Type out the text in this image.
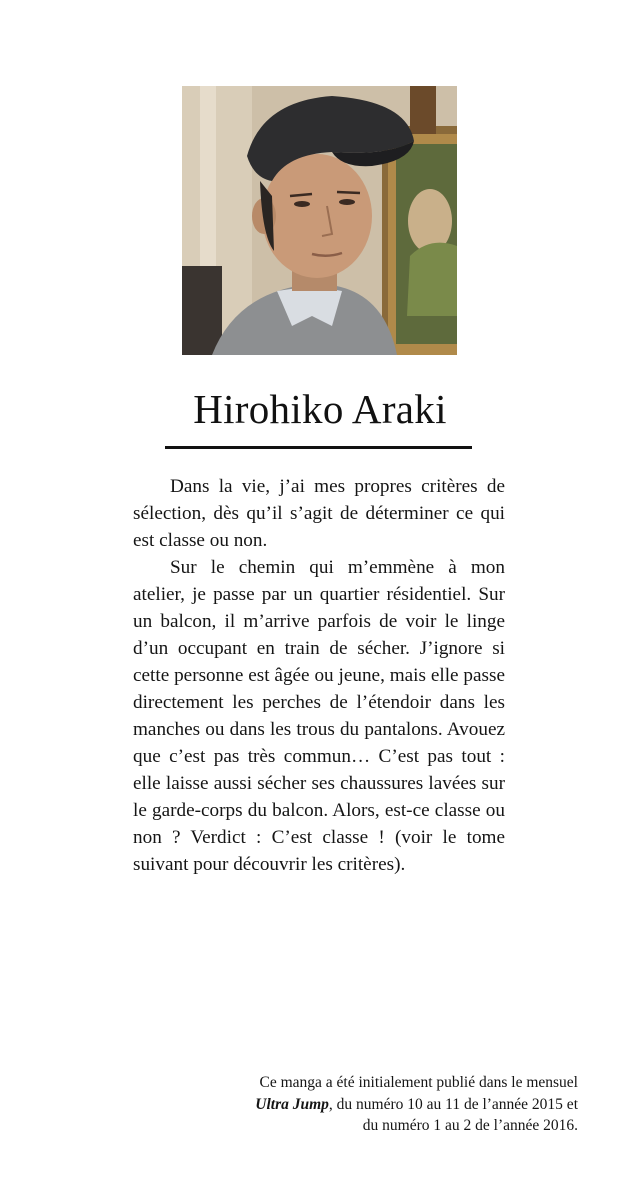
Hirohiko Araki

Dans la vie, j’ai mes propres critères de sélection, dès qu’il s’agit de déterminer ce qui est classe ou non.

Sur le chemin qui m’emmène à mon atelier, je passe par un quartier résidentiel. Sur un balcon, il m’arrive parfois de voir le linge d’un occupant en train de sécher. J’ignore si cette personne est âgée ou jeune, mais elle passe directement les perches de l’étendoir dans les manches ou dans les trous du pantalons. Avouez que c’est pas très commun… C’est pas tout : elle laisse aussi sécher ses chaussures lavées sur le garde-corps du balcon. Alors, est-ce classe ou non ? Verdict : C’est classe ! (voir le tome suivant pour découvrir les critères).

Ce manga a été initialement publié dans le mensuel Ultra Jump, du numéro 10 au 11 de l’année 2015 et du numéro 1 au 2 de l’année 2016.
